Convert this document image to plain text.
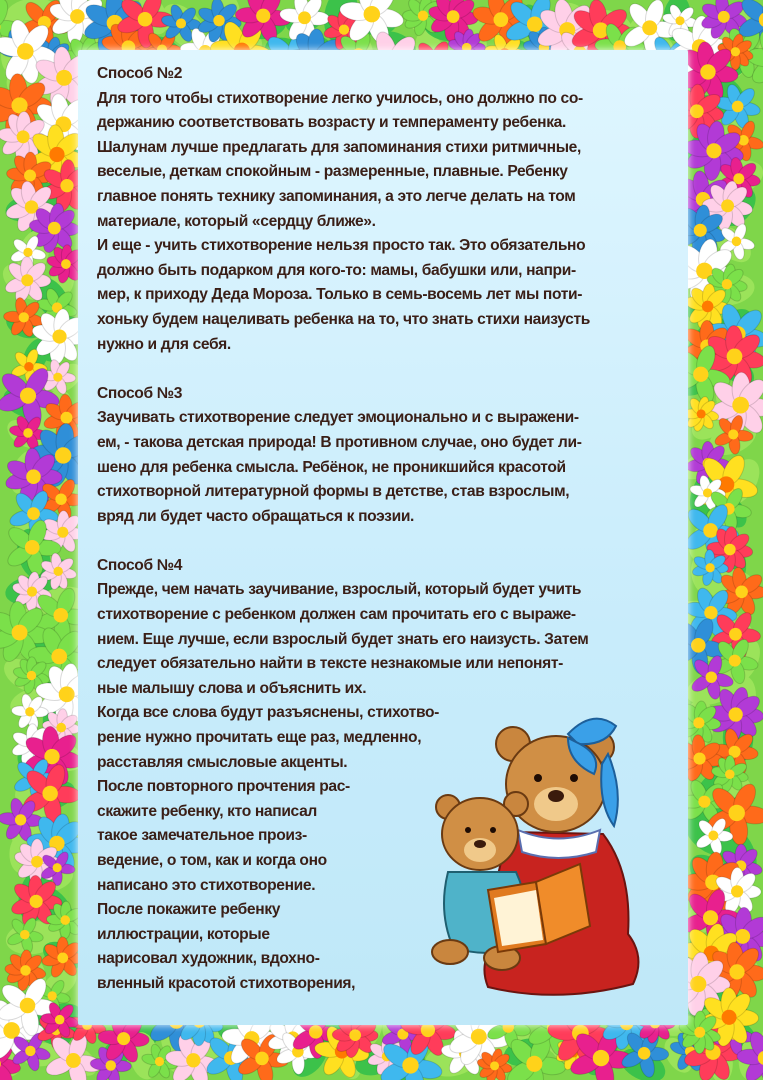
Способ №2
Для того чтобы стихотворение легко училось, оно должно по со-
держанию соответствовать возрасту и темпераменту ребенка.
Шалунам лучше предлагать для запоминания стихи ритмичные,
веселые, деткам спокойным - размеренные, плавные. Ребенку
главное понять технику запоминания, а это легче делать на том
материале, который «сердцу ближе».
И еще - учить стихотворение нельзя просто так. Это обязательно
должно быть подарком для кого-то: мамы, бабушки или, напри-
мер, к приходу Деда Мороза. Только в семь-восемь лет мы поти-
хоньку будем нацеливать ребенка на то, что знать стихи наизусть
нужно и для себя.
Способ №3
Заучивать стихотворение следует эмоционально и с выражени-
ем, - такова детская природа! В противном случае, оно будет ли-
шено для ребенка смысла. Ребёнок, не проникшийся красотой
стихотворной литературной формы в детстве, став взрослым,
вряд ли будет часто обращаться к поэзии.
Способ №4
Прежде, чем начать заучивание, взрослый, который будет учить
стихотворение с ребенком должен сам прочитать его с выраже-
нием. Еще лучше, если взрослый будет знать его наизусть. Затем
следует обязательно найти в тексте незнакомые или непонят-
ные малышу слова и объяснить их.
Когда все слова будут разъяснены, стихотво-
рение нужно прочитать еще раз, медленно,
расставляя смысловые акценты.
После повторного прочтения рас-
скажите ребенку, кто написал
такое замечательное произ-
ведение, о том, как и когда оно
написано это стихотворение.
После покажите ребенку
иллюстрации, которые
нарисовал художник, вдохно-
вленный красотой стихотворения,
